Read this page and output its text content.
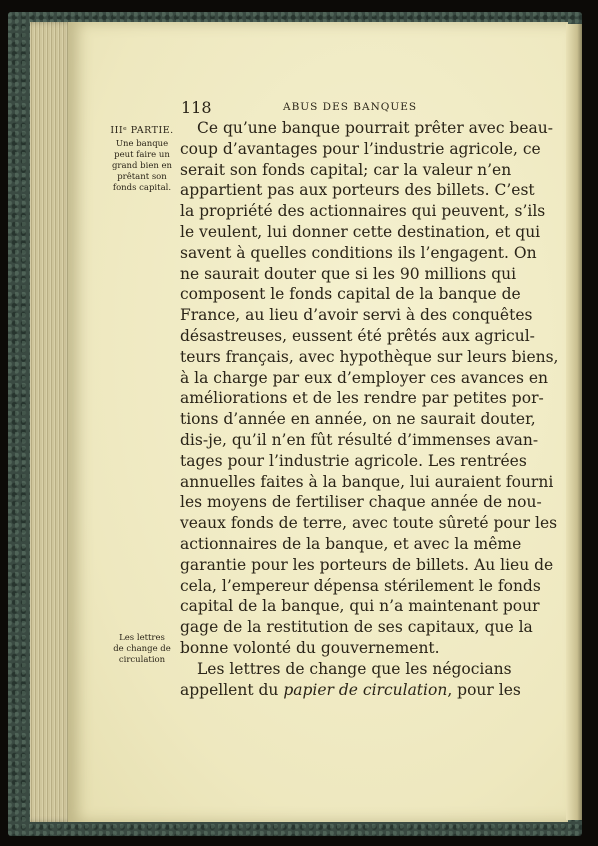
118	ABUS DES BANQUES
IIIᵉ PARTIE.
Une banque
peut faire un
grand bien en
prêtant son
fonds capital.
Les lettres
de change de
circulation
Ce qu’une banque pourrait prêter avec beau-
coup d’avantages pour l’industrie agricole, ce
serait son fonds capital; car la valeur n’en
appartient pas aux porteurs des billets. C’est
la propriété des actionnaires qui peuvent, s’ils
le veulent, lui donner cette destination, et qui
savent à quelles conditions ils l’engagent. On
ne saurait douter que si les 90 millions qui
composent le fonds capital de la banque de
France, au lieu d’avoir servi à des conquêtes
désastreuses, eussent été prêtés aux agricul-
teurs français, avec hypothèque sur leurs biens,
à la charge par eux d’employer ces avances en
améliorations et de les rendre par petites por-
tions d’année en année, on ne saurait douter,
dis-je, qu’il n’en fût résulté d’immenses avan-
tages pour l’industrie agricole. Les rentrées
annuelles faites à la banque, lui auraient fourni
les moyens de fertiliser chaque année de nou-
veaux fonds de terre, avec toute sûreté pour les
actionnaires de la banque, et avec la même
garantie pour les porteurs de billets. Au lieu de
cela, l’empereur dépensa stérilement le fonds
capital de la banque, qui n’a maintenant pour
gage de la restitution de ses capitaux, que la
bonne volonté du gouvernement.
Les lettres de change que les négocians
appellent du papier de circulation, pour les
